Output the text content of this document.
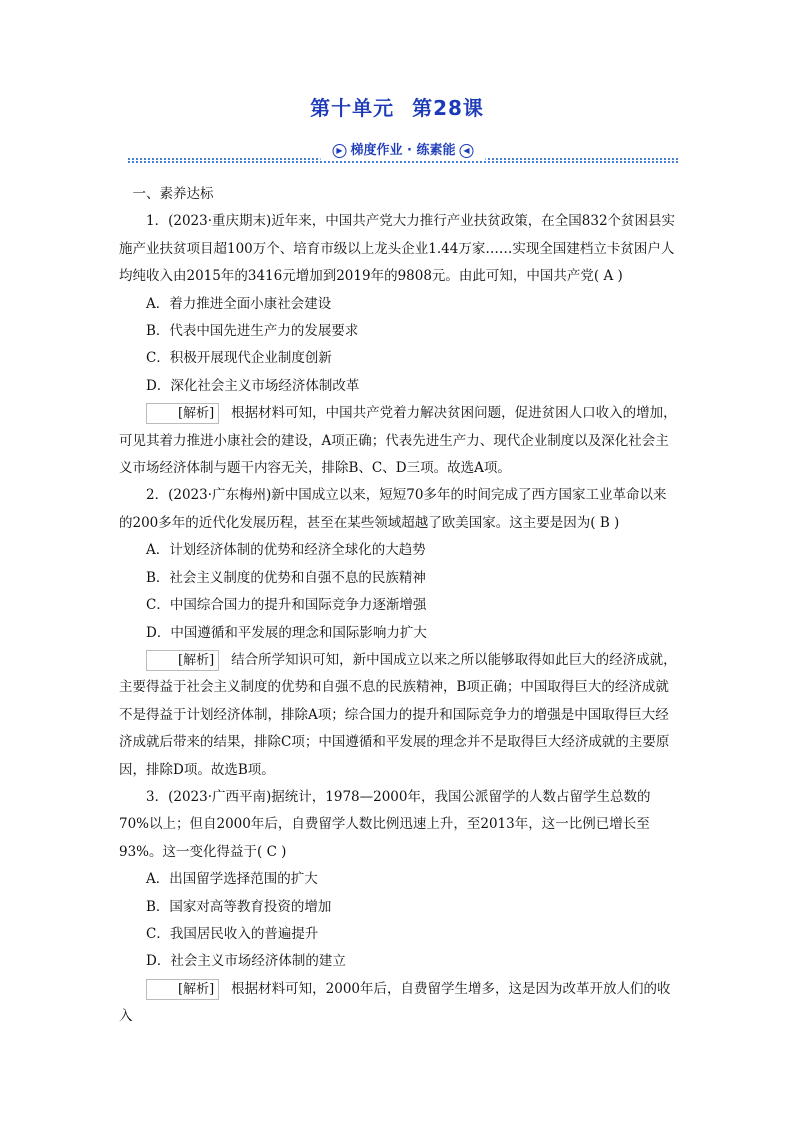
第十单元 第28课
▶ 梯度作业 · 练素能 ◀

一、素养达标

1．(2023·重庆期末)近年来，中国共产党大力推行产业扶贫政策，在全国832个贫困县实施产业扶贫项目超100万个、培育市级以上龙头企业1.44万家……实现全国建档立卡贫困户人均纯收入由2015年的3416元增加到2019年的9808元。由此可知，中国共产党( A )

A．着力推进全面小康社会建设

B．代表中国先进生产力的发展要求

C．积极开展现代企业制度创新

D．深化社会主义市场经济体制改革

[解析] 根据材料可知，中国共产党着力解决贫困问题，促进贫困人口收入的增加，可见其着力推进小康社会的建设，A项正确；代表先进生产力、现代企业制度以及深化社会主义市场经济体制与题干内容无关，排除B、C、D三项。故选A项。

2．(2023·广东梅州)新中国成立以来，短短70多年的时间完成了西方国家工业革命以来的200多年的近代化发展历程，甚至在某些领域超越了欧美国家。这主要是因为( B )

A．计划经济体制的优势和经济全球化的大趋势

B．社会主义制度的优势和自强不息的民族精神

C．中国综合国力的提升和国际竞争力逐渐增强

D．中国遵循和平发展的理念和国际影响力扩大

[解析] 结合所学知识可知，新中国成立以来之所以能够取得如此巨大的经济成就，主要得益于社会主义制度的优势和自强不息的民族精神，B项正确；中国取得巨大的经济成就不是得益于计划经济体制，排除A项；综合国力的提升和国际竞争力的增强是中国取得巨大经济成就后带来的结果，排除C项；中国遵循和平发展的理念并不是取得巨大经济成就的主要原因，排除D项。故选B项。

3．(2023·广西平南)据统计，1978—2000年，我国公派留学的人数占留学生总数的70%以上；但自2000年后，自费留学人数比例迅速上升，至2013年，这一比例已增长至93%。这一变化得益于( C )

A．出国留学选择范围的扩大

B．国家对高等教育投资的增加

C．我国居民收入的普遍提升

D．社会主义市场经济体制的建立

[解析] 根据材料可知，2000年后，自费留学生增多，这是因为改革开放人们的收入
